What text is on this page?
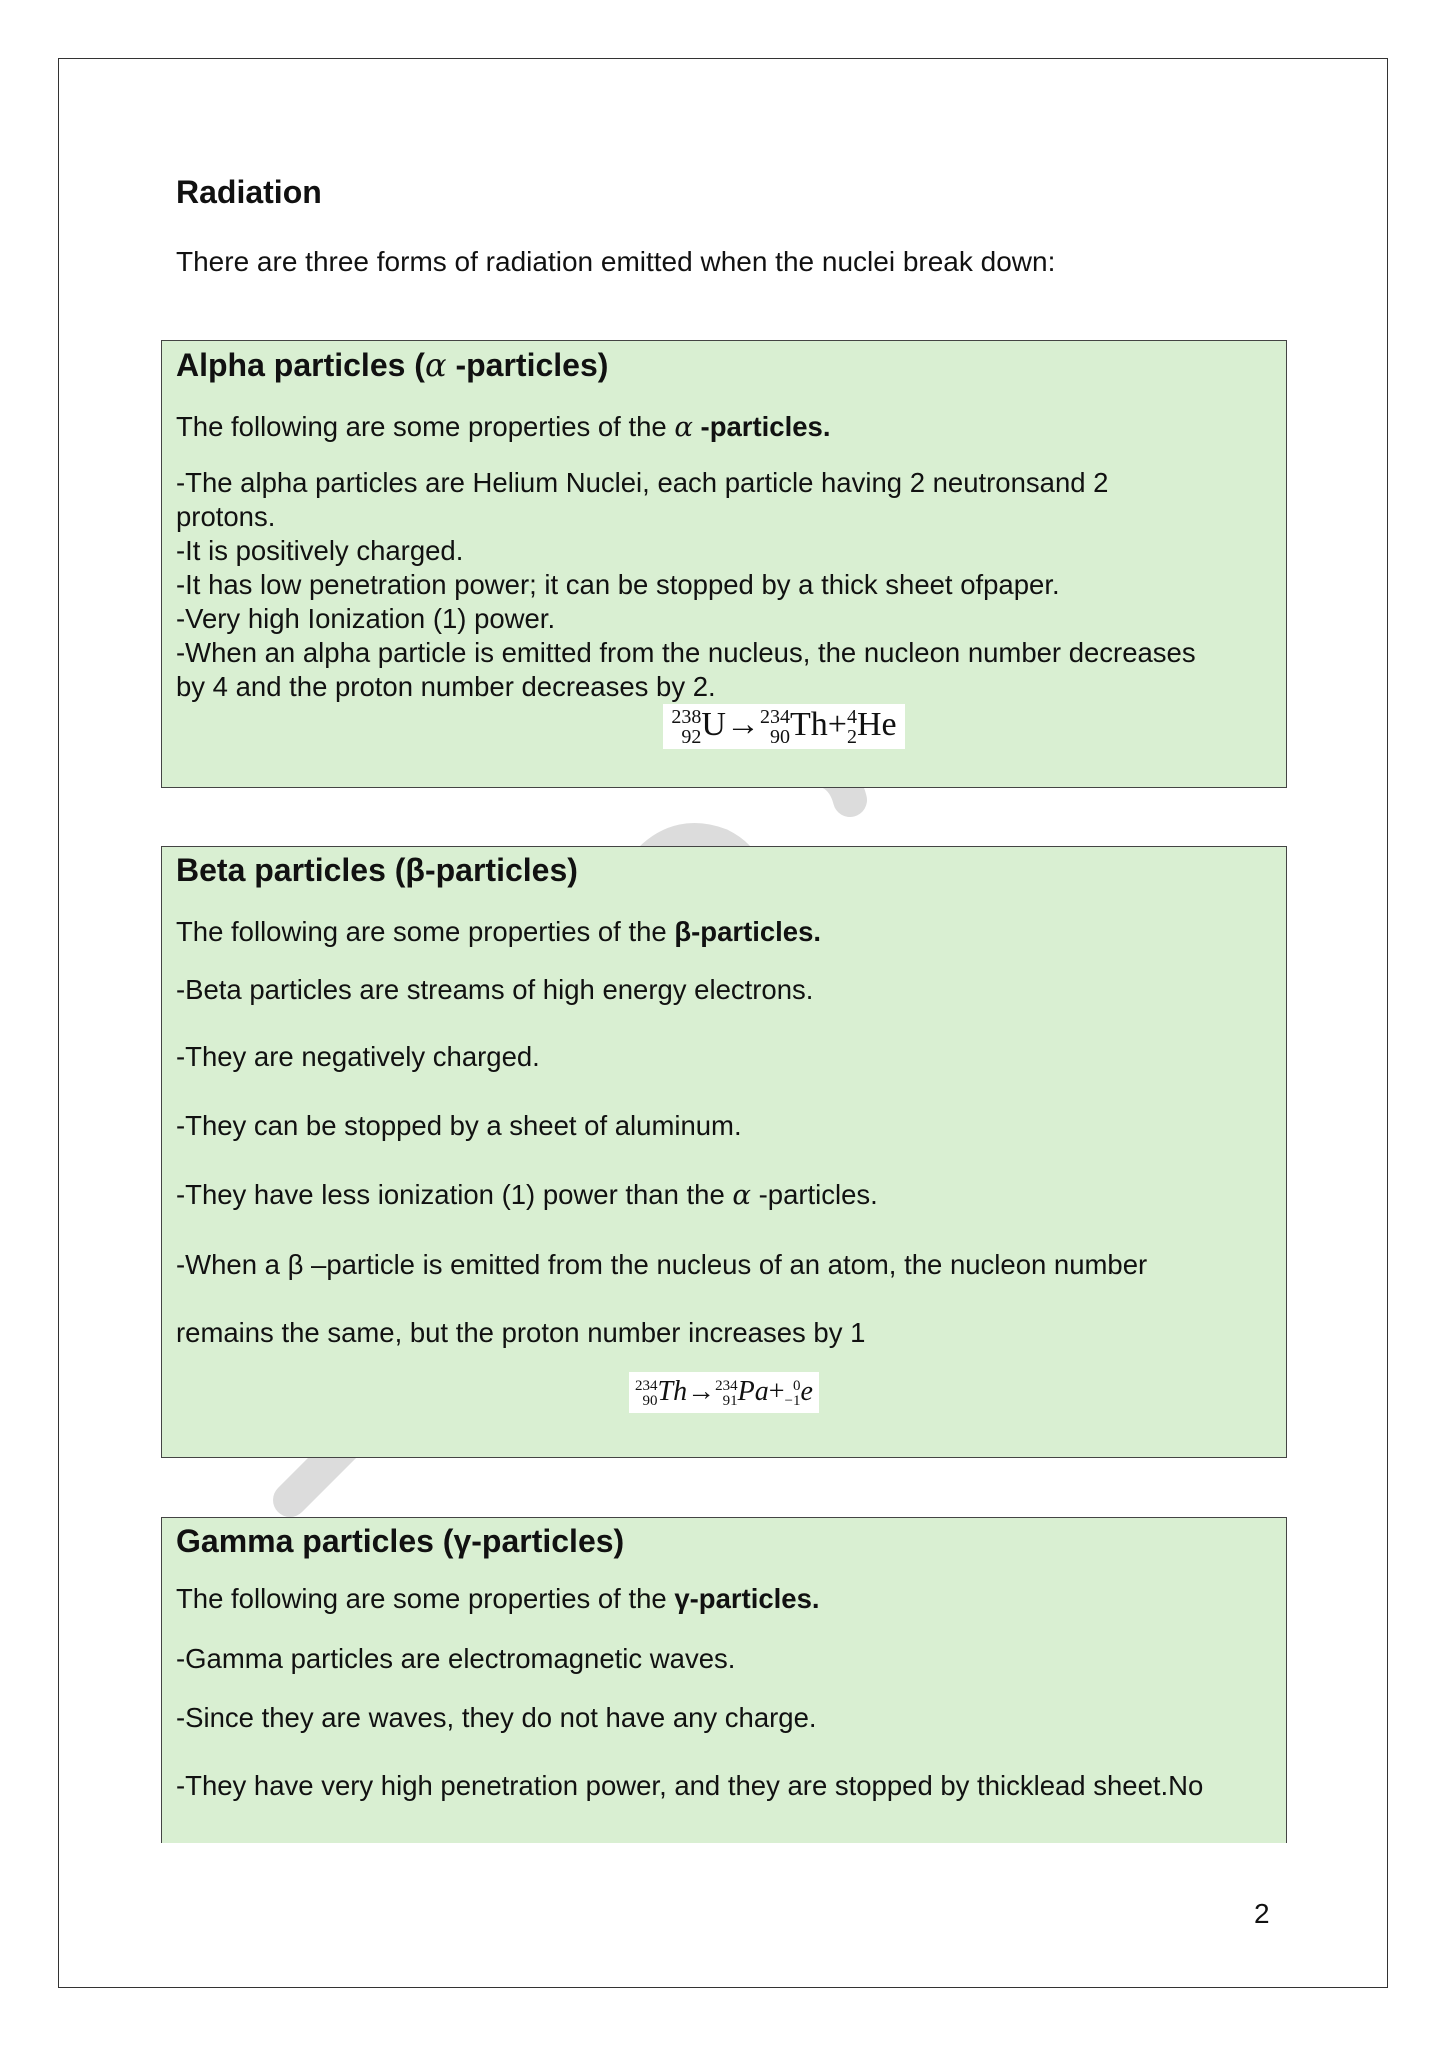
Radiation

There are three forms of radiation emitted when the nuclei break down:

Alpha particles (α -particles)

The following are some properties of the α -particles.

-The alpha particles are Helium Nuclei, each particle having 2 neutronsand 2

protons.

-It is positively charged.

-It has low penetration power; it can be stopped by a thick sheet ofpaper.

-Very high Ionization (1) power.

-When an alpha particle is emitted from the nucleus, the nucleon number decreases

by 4 and the proton number decreases by 2.

238
92 U→ 234
90 Th+ 4
2 He
Beta particles (β-particles)

The following are some properties of the β-particles.

-Beta particles are streams of high energy electrons.

-They are negatively charged.

-They can be stopped by a sheet of aluminum.

-They have less ionization (1) power than the α -particles.

-When a β –particle is emitted from the nucleus of an atom, the nucleon number

remains the same, but the proton number increases by 1

234
90 Th→ 234
91 Pa+ 0
−1 e
Gamma particles (γ-particles)

The following are some properties of the γ-particles.

-Gamma particles are electromagnetic waves.

-Since they are waves, they do not have any charge.

-They have very high penetration power, and they are stopped by thicklead sheet.No

2
